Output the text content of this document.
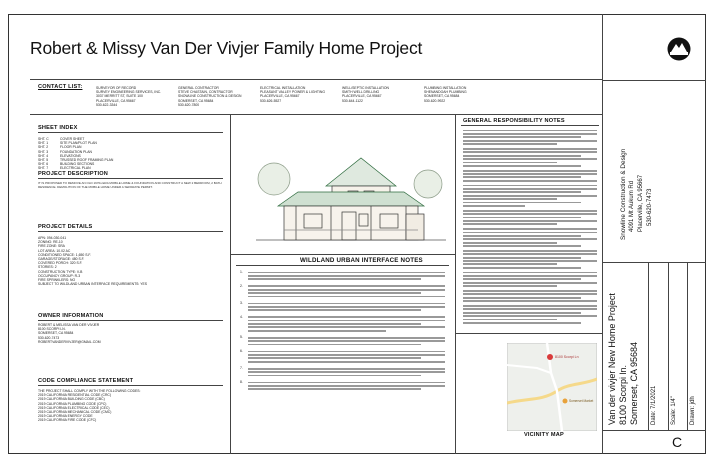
Robert & Missy Van Der Vivjer Family Home Project
CONTACT LIST:	SURVEYOR OF RECORD
SURVEY ENGINEERING SERVICES, INC.
3037 MERRITT ST, SUITE 100
PLACERVILLE, CA 95667
530-622-3344
GENERAL CONTRACTOR
STEVE CHASTAIN, CONTRACTOR
SNOWLINE CONSTRUCTION & DESIGN
SOMERSET, CA 95684
530-620-7800
ELECTRICAL INSTALLATION
PLEASANT VALLEY POWER & LIGHTING
PLACERVILLE, CA 95667
530-626-5527
WELL/SEPTIC INSTALLATION
SMITH WELL DRILLING
PLACERVILLE, CA 95667
530-644-1122
PLUMBING INSTALLATION
SHENANDOAH PLUMBING
SOMERSET, CA 95684
530-620-9922
SHEET INDEX
SHT. C	COVER SHEET
SHT. 1	SITE PLAN/PLOT PLAN
SHT. 2	FLOOR PLAN
SHT. 3	FOUNDATION PLAN
SHT. 4	ELEVATIONS
SHT. 5	TRUSSED ROOF FRAMING PLAN
SHT. 6	BUILDING SECTIONS
SHT. 7	ELECTRICAL PLAN
PROJECT DESCRIPTION
IT IS PROPOSED TO REMOVE AN OLD 1970s ERA MOBILE HOME & FOUNDATION AND CONSTRUCT A NEW 2 BEDROOM, 2 BATH RESIDENCE. DEMOLITION OF THE MOBILE HOME UNDER A SEPARATE PERMIT.
PROJECT DETAILS
APN: 094-030-041
ZONING: RE-10
FIRE ZONE: SRA
LOT AREA: 10.02 AC
CONDITIONED SPACE: 1,650 S.F.
GARAGE/STORAGE: 480 S.F.
COVERED PORCH: 320 S.F.
STORIES: 2
CONSTRUCTION TYPE: V-B
OCCUPANCY GROUP: R-3
FIRE SPRINKLERS: NO
SUBJECT TO WILDLAND URBAN INTERFACE REQUIREMENTS: YES
OWNER INFORMATION
ROBERT & MELISSA VAN DER VIVJER
8100 SCORPI LN.
SOMERSET, CA 95684
530-620-7473
ROBERTVANDERVIVJER@GMAIL.COM
CODE COMPLIANCE STATEMENT
THE PROJECT SHALL COMPLY WITH THE FOLLOWING CODES:
2019 CALIFORNIA RESIDENTIAL CODE (CRC)
2019 CALIFORNIA BUILDING CODE (CBC)
2019 CALIFORNIA PLUMBING CODE (CPC)
2019 CALIFORNIA ELECTRICAL CODE (CEC)
2019 CALIFORNIA MECHANICAL CODE (CMC)
2019 CALIFORNIA ENERGY CODE
2019 CALIFORNIA FIRE CODE (CFC)
WILDLAND URBAN INTERFACE NOTES
1.
2.
3.
4.
5.
6.
7.
8.
GENERAL RESPONSIBILITY NOTES
8100 Scorpi Ln
Somerset Market
VICINITY MAP
Snowline Construction & Design 4091 Mt Aukum Rd Placerville, CA 95667 530-620-7473
Van der vivjer New Home Project 8100 Scorpi ln. Somerset, CA 95684 Date: 7/1/2021 Scale: 1/4" Drawn: jdh
C
